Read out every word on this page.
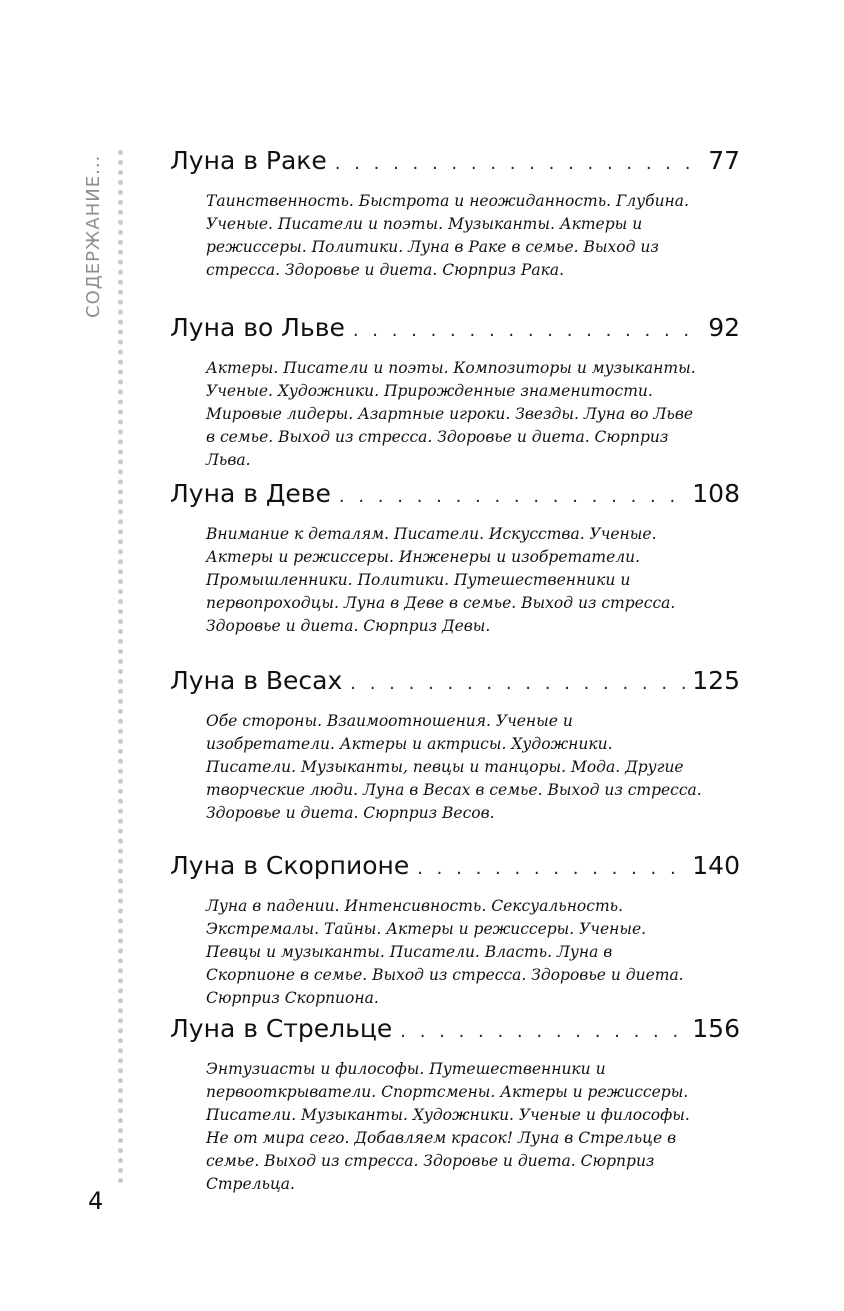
СОДЕРЖАНИЕ...	Луна в Раке . . .	77
Таинственность. Быстрота и неожиданность. Глубина. Ученые. Писатели и поэты. Музыканты. Актеры и режиссеры. Политики. Луна в Раке в семье. Выход из стресса. Здоровье и диета. Сюрприз Рака.
Луна во Льве . . .	92
Актеры. Писатели и поэты. Композиторы и музыканты. Ученые. Художники. Прирожденные знаменитости. Мировые лидеры. Азартные игроки. Звезды. Луна во Льве в семье. Выход из стресса. Здоровье и диета. Сюрприз Льва.
Луна в Деве . . .	108
Внимание к деталям. Писатели. Искусства. Ученые. Актеры и режиссеры. Инженеры и изобретатели. Промышленники. Политики. Путешественники и первопроходцы. Луна в Деве в семье. Выход из стресса. Здоровье и диета. Сюрприз Девы.
Луна в Весах . . .	125
Обе стороны. Взаимоотношения. Ученые и изобретатели. Актеры и актрисы. Художники. Писатели. Музыканты, певцы и танцоры. Мода. Другие творческие люди. Луна в Весах в семье. Выход из стресса. Здоровье и диета. Сюрприз Весов.
Луна в Скорпионе . . .	140
Луна в падении. Интенсивность. Сексуальность. Экстремалы. Тайны. Актеры и режиссеры. Ученые. Певцы и музыканты. Писатели. Власть. Луна в Скорпионе в семье. Выход из стресса. Здоровье и диета. Сюрприз Скорпиона.
Луна в Стрельце . . .	156
Энтузиасты и философы. Путешественники и первооткрыватели. Спортсмены. Актеры и режиссеры. Писатели. Музыканты. Художники. Ученые и философы. Не от мира сего. Добавляем красок! Луна в Стрельце в семье. Выход из стресса. Здоровье и диета. Сюрприз Стрельца.
4
